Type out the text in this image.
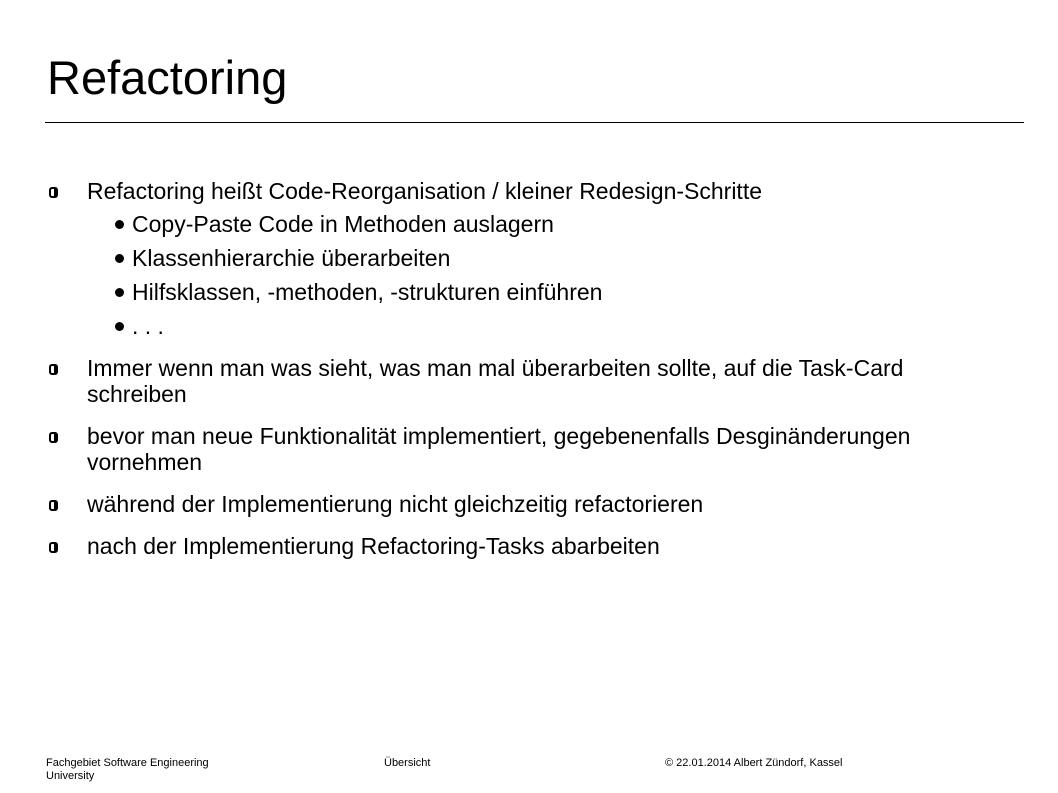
Refactoring
Refactoring heißt Code-Reorganisation / kleiner Redesign-Schritte
Copy-Paste Code in Methoden auslagern
Klassenhierarchie überarbeiten
Hilfsklassen, -methoden, -strukturen einführen
. . .
Immer wenn man was sieht, was man mal überarbeiten sollte, auf die Task-Card schreiben
bevor man neue Funktionalität implementiert, gegebenenfalls Desginänderungen vornehmen
während der Implementierung nicht gleichzeitig refactorieren
nach der Implementierung Refactoring-Tasks abarbeiten
Fachgebiet Software Engineering University
Übersicht	© 22.01.2014 Albert Zündorf, Kassel
